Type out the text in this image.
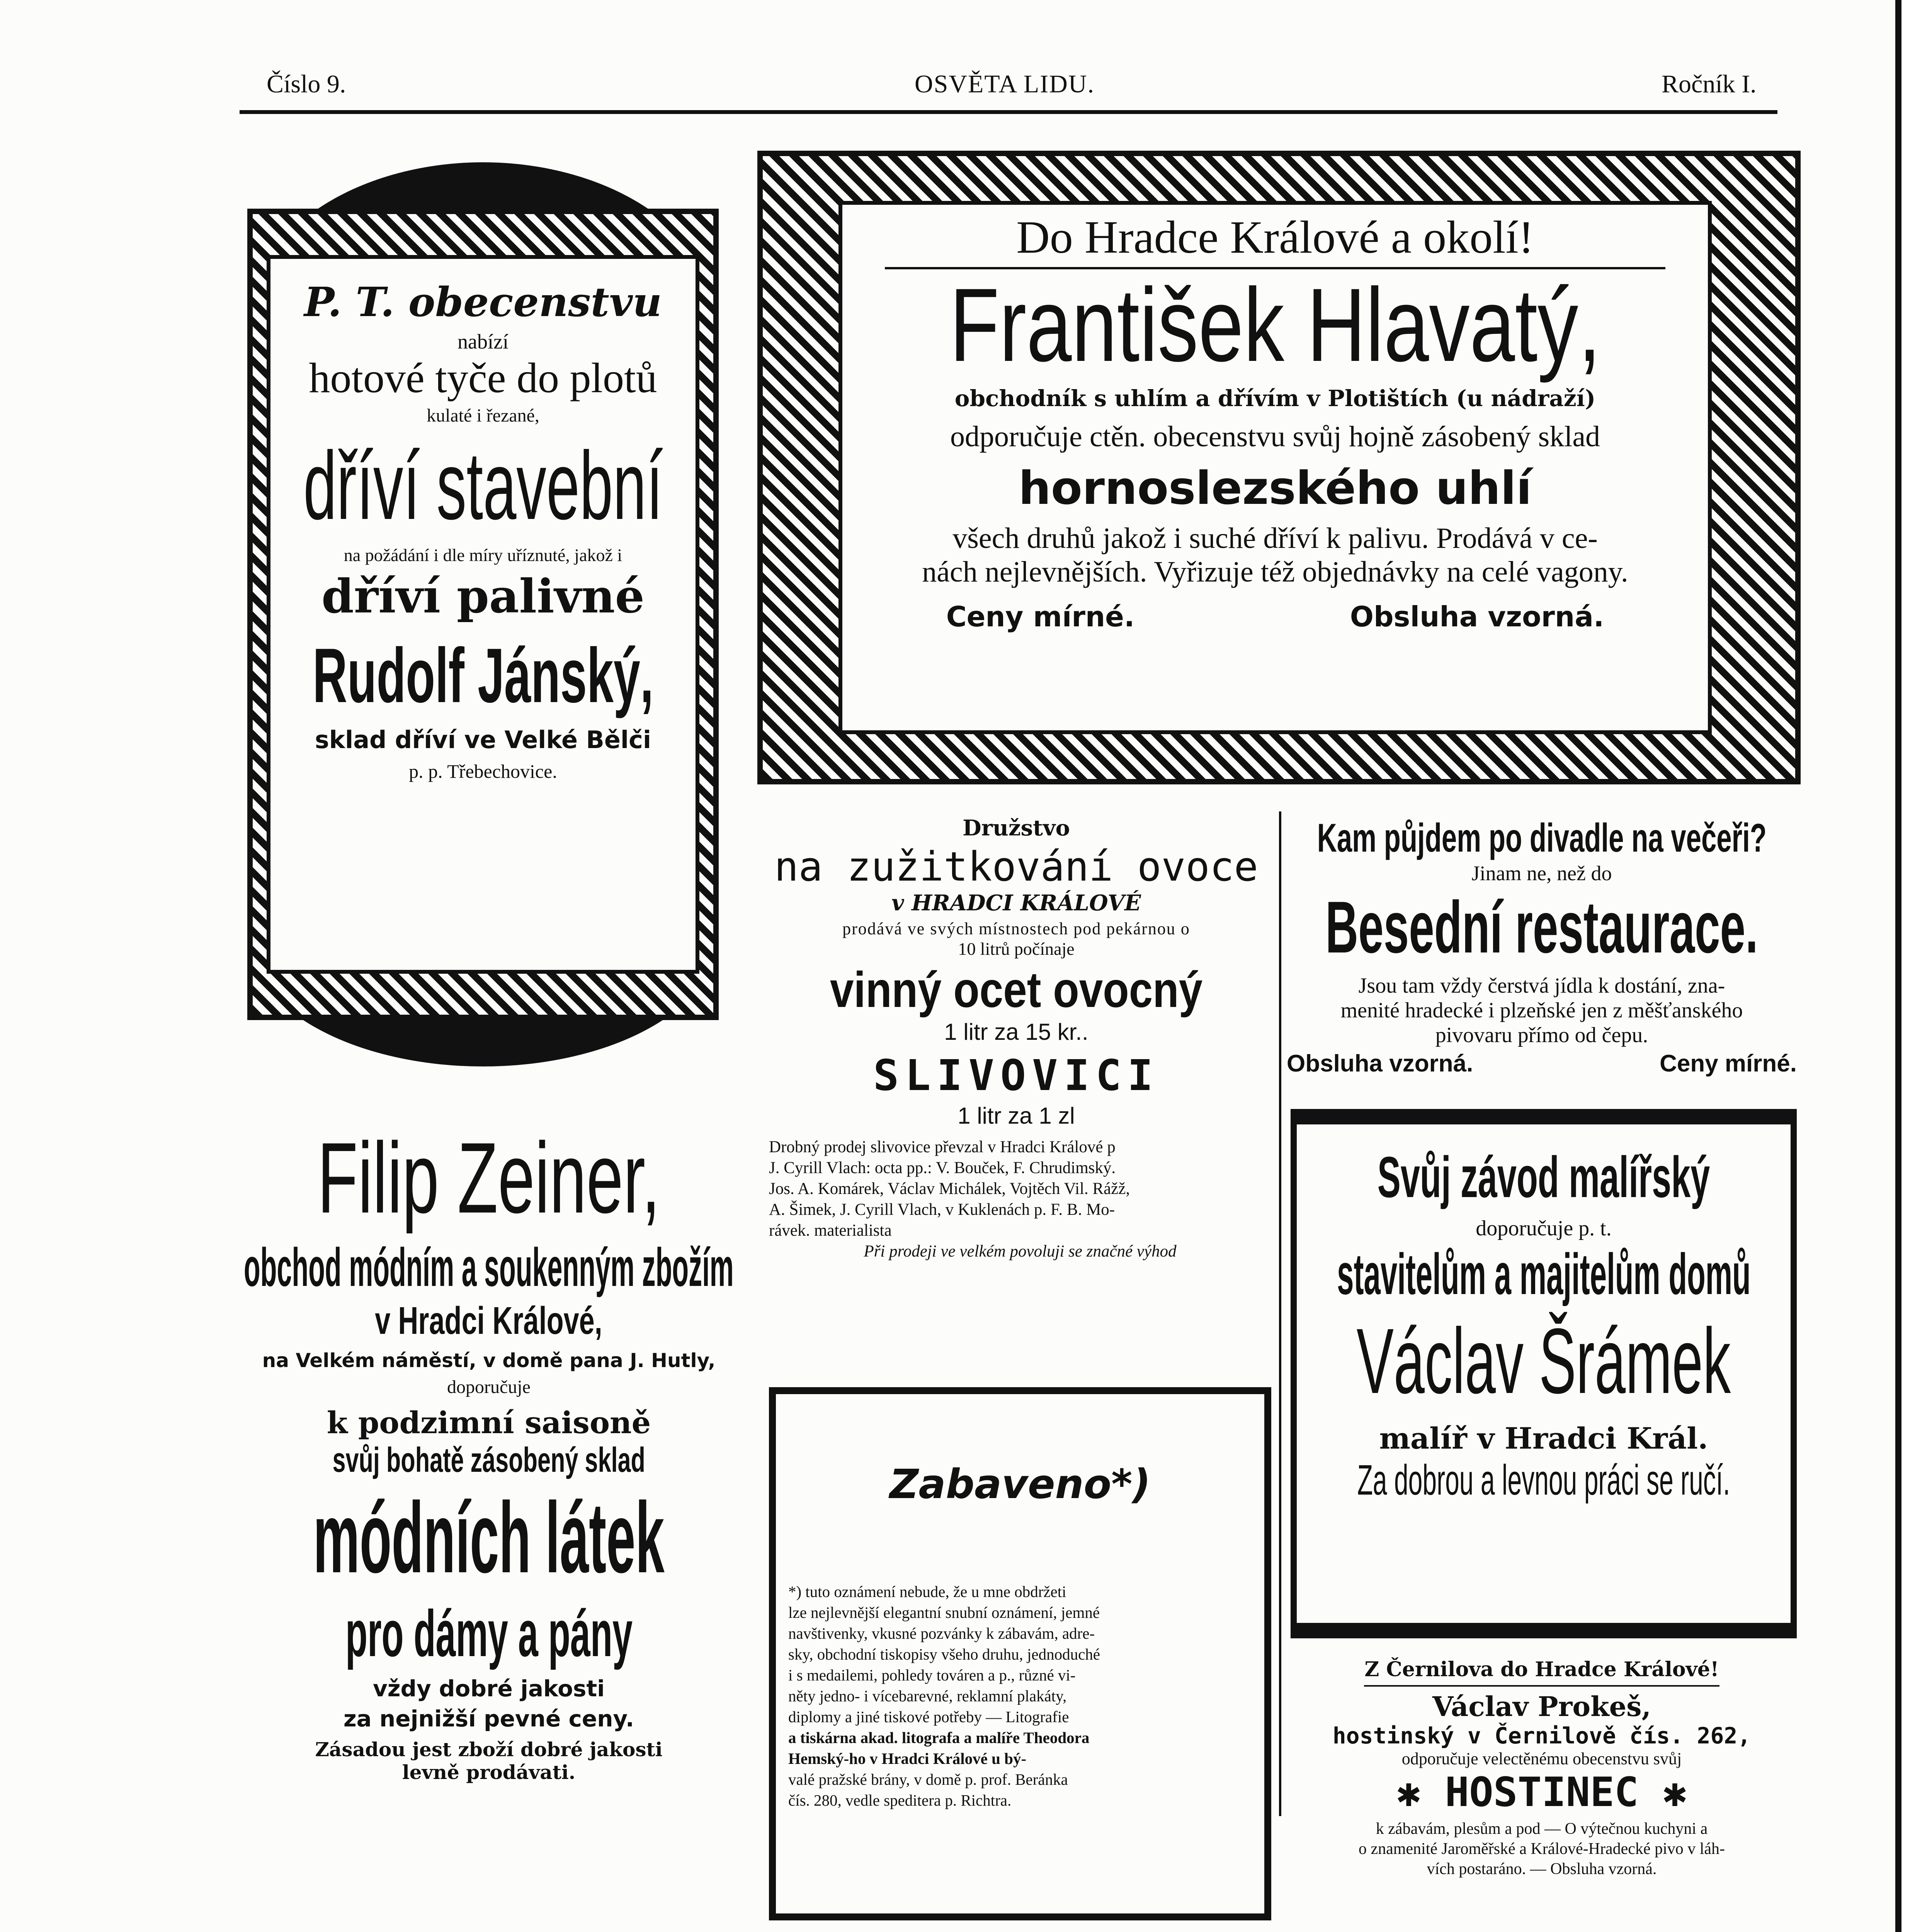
Číslo 9.	OSVĚTA LIDU.	Ročník I.
P. T. obecenstvu
nabízí
hotové tyče do plotů
kulaté i řezané,
dříví stavební
na požádání i dle míry uříznuté, jakož i
dříví palivné
Rudolf Jánský,
sklad dříví ve Velké Bělči
p. p. Třebechovice.
Do Hradce Králové a okolí!
František Hlavatý,
obchodník s uhlím a dřívím v Plotištích (u nádraží)
odporučuje ctěn. obecenstvu svůj hojně zásobený sklad
hornoslezského uhlí
všech druhů jakož i suché dříví k palivu. Prodává v ce-
nách nejlevnějších. Vyřizuje též objednávky na celé vagony.
Ceny mírné.	Obsluha vzorná.
Družstvo
na zužitkování ovoce
v HRADCI KRÁLOVÉ
prodává ve svých místnostech pod pekárnou o
10 litrů počínaje
vinný ocet ovocný
1 litr za 15 kr..
SLIVOVICI
1 litr za 1 zl
Drobný prodej slivovice převzal v Hradci Králové p
J. Cyrill Vlach: octa pp.: V. Bouček, F. Chrudimský.
Jos. A. Komárek, Václav Michálek, Vojtěch Vil. Rážž,
A. Šimek, J. Cyrill Vlach, v Kuklenách p. F. B. Mo-
rávek. materialista
Při prodeji ve velkém povoluji se značné výhod
Kam půjdem po divadle na večeři?
Jinam ne, než do
Besední restaurace.
Jsou tam vždy čerstvá jídla k dostání, zna-
menité hradecké i plzeňské jen z měšťanského
pivovaru přímo od čepu.
Obsluha vzorná.	Ceny mírné.
Filip Zeiner,
obchod módním a soukenným zbožím
v Hradci Králové,
na Velkém náměstí, v domě pana J. Hutly,
doporučuje
k podzimní saisoně
svůj bohatě zásobený sklad
módních látek
pro dámy a pány
vždy dobré jakosti
za nejnižší pevné ceny.
Zásadou jest zboží dobré jakosti
levně prodávati.
Zabaveno*)
*) tuto oznámení nebude, že u mne obdržeti
lze nejlevnější elegantní snubní oznámení, jemné
navštivenky, vkusné pozvánky k zábavám, adre-
sky, obchodní tiskopisy všeho druhu, jednoduché
i s medailemi, pohledy továren a p., různé vi-
něty jedno- i vícebarevné, reklamní plakáty,
diplomy a jiné tiskové potřeby — Litografie
a tiskárna akad. litografa a malíře Theodora
Hemský-ho v Hradci Králové u bý-
valé pražské brány, v domě p. prof. Beránka
čís. 280, vedle speditera p. Richtra.
Svůj závod malířský
doporučuje p. t.
stavitelům a majitelům domů
Václav Šrámek
malíř v Hradci Král.
Za dobrou a levnou práci se ručí.
Z Černilova do Hradce Králové!
Václav Prokeš,
hostinský v Černilově čís. 262,
odporučuje velectěnému obecenstvu svůj
✱ HOSTINEC ✱
k zábavám, plesům a pod — O výtečnou kuchyni a
o znamenité Jaroměřské a Králové-Hradecké pivo v láh-
vích postaráno. — Obsluha vzorná.
